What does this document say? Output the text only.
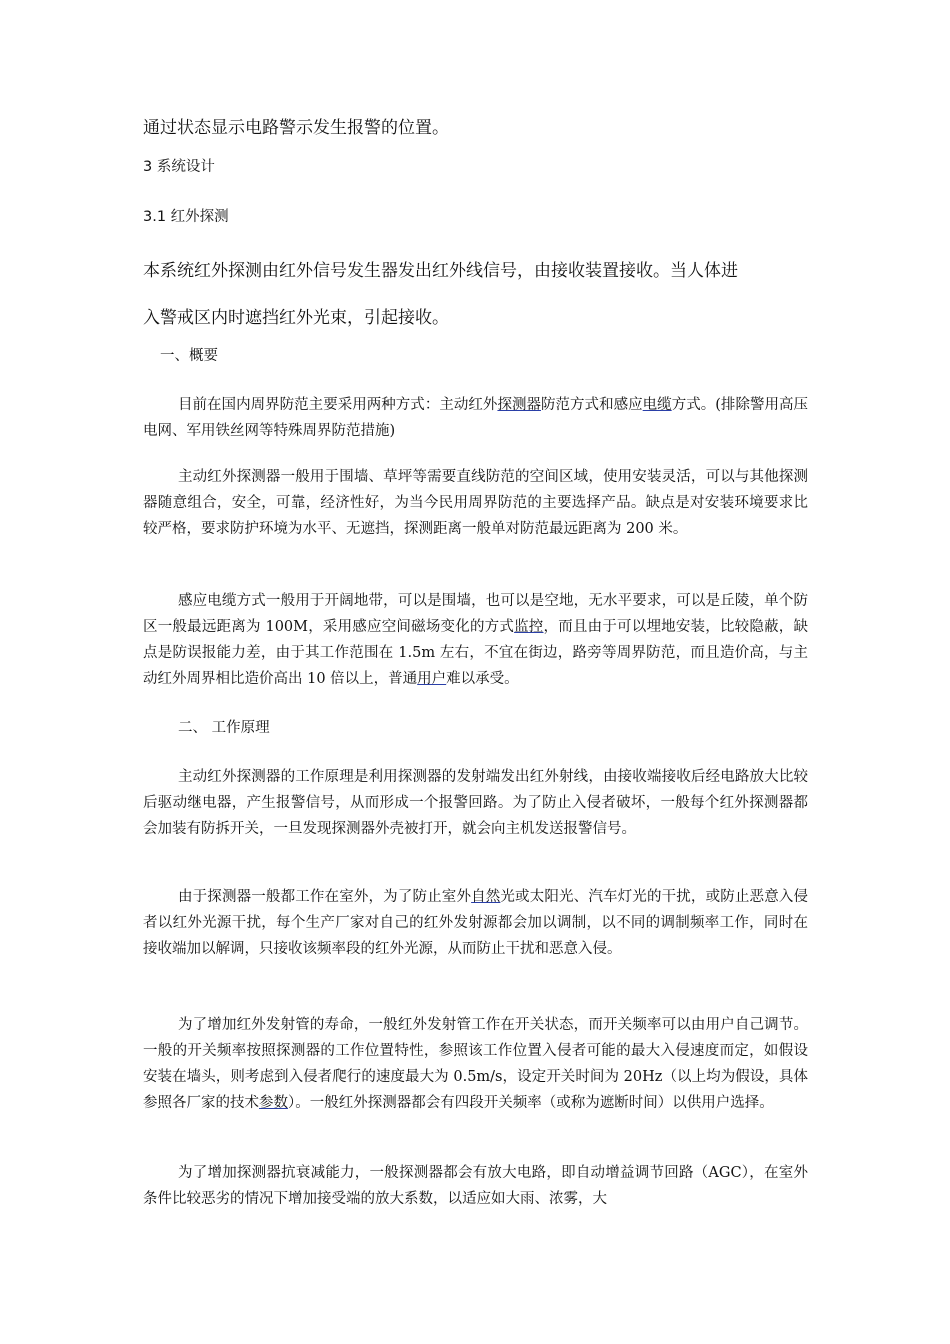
通过状态显示电路警示发生报警的位置。

3 系统设计

3.1 红外探测

本系统红外探测由红外信号发生器发出红外线信号，由接收装置接收。当人体进

入警戒区内时遮挡红外光束，引起接收。

一、概要

目前在国内周界防范主要采用两种方式：主动红外探测器防范方式和感应电缆方式。(排除警用高压电网、军用铁丝网等特殊周界防范措施)

主动红外探测器一般用于围墙、草坪等需要直线防范的空间区域，使用安装灵活，可以与其他探测器随意组合，安全，可靠，经济性好，为当今民用周界防范的主要选择产品。缺点是对安装环境要求比较严格，要求防护环境为水平、无遮挡，探测距离一般单对防范最远距离为 200 米。

感应电缆方式一般用于开阔地带，可以是围墙，也可以是空地，无水平要求，可以是丘陵，单个防区一般最远距离为 100M，采用感应空间磁场变化的方式监控，而且由于可以埋地安装，比较隐蔽，缺点是防误报能力差，由于其工作范围在 1.5m 左右，不宜在街边，路旁等周界防范，而且造价高，与主动红外周界相比造价高出 10 倍以上，普通用户难以承受。

二、 工作原理

主动红外探测器的工作原理是利用探测器的发射端发出红外射线，由接收端接收后经电路放大比较后驱动继电器，产生报警信号，从而形成一个报警回路。为了防止入侵者破坏，一般每个红外探测器都会加装有防拆开关，一旦发现探测器外壳被打开，就会向主机发送报警信号。

由于探测器一般都工作在室外，为了防止室外自然光或太阳光、汽车灯光的干扰，或防止恶意入侵者以红外光源干扰，每个生产厂家对自己的红外发射源都会加以调制，以不同的调制频率工作，同时在接收端加以解调，只接收该频率段的红外光源，从而防止干扰和恶意入侵。

为了增加红外发射管的寿命，一般红外发射管工作在开关状态，而开关频率可以由用户自己调节。一般的开关频率按照探测器的工作位置特性，参照该工作位置入侵者可能的最大入侵速度而定，如假设安装在墙头，则考虑到入侵者爬行的速度最大为 0.5m/s，设定开关时间为 20Hz（以上均为假设，具体参照各厂家的技术参数）。一般红外探测器都会有四段开关频率（或称为遮断时间）以供用户选择。

为了增加探测器抗衰减能力，一般探测器都会有放大电路，即自动增益调节回路（AGC），在室外条件比较恶劣的情况下增加接受端的放大系数，以适应如大雨、浓雾，大
